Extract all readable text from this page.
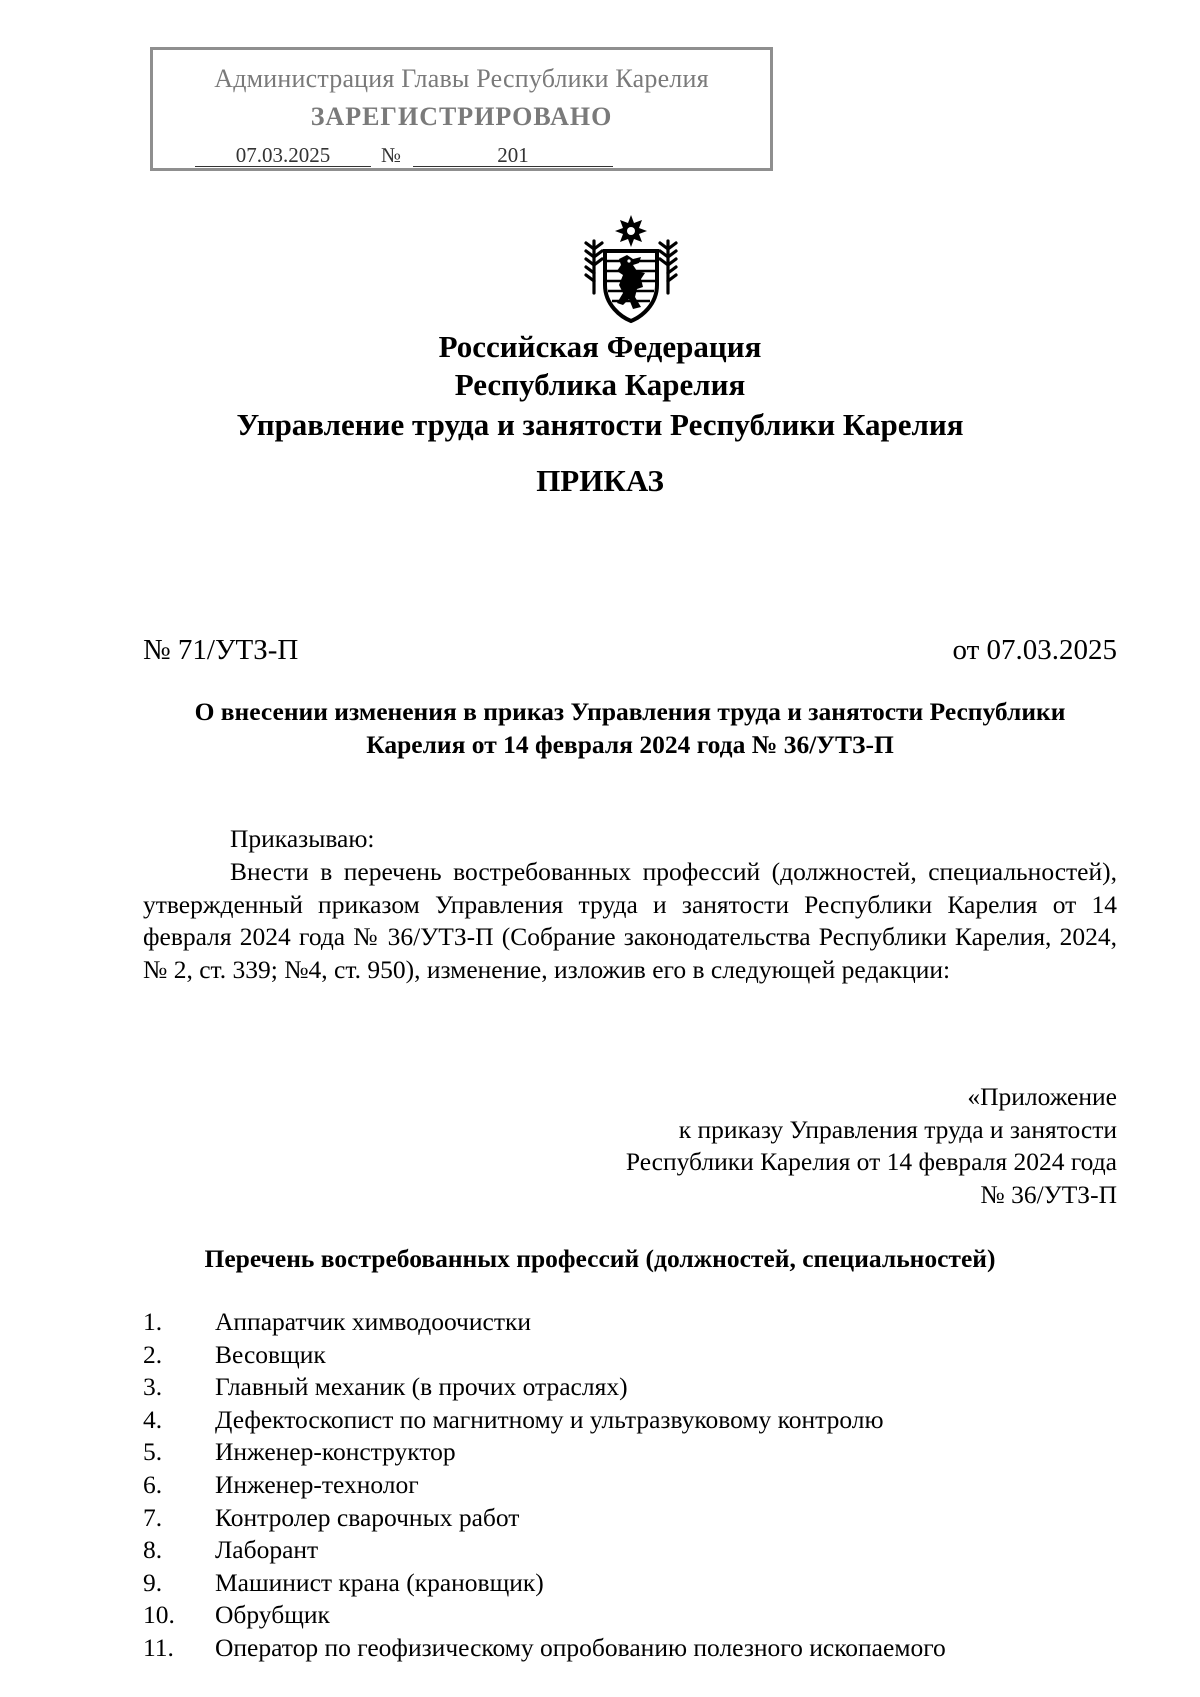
Администрация Главы Республики Карелия
ЗАРЕГИСТРИРОВАНО
07.03.2025	№	201
Российская Федерация
Республика Карелия
Управление труда и занятости Республики Карелия
ПРИКАЗ
№ 71/УТЗ-П	от 07.03.2025
О внесении изменения в приказ Управления труда и занятости Республики
Карелия от 14 февраля 2024 года № 36/УТЗ-П
Приказываю:
Внести в перечень востребованных профессий (должностей, специальностей), утвержденный приказом Управления труда и занятости Республики Карелия от 14 февраля 2024 года № 36/УТЗ-П (Собрание законодательства Республики Карелия, 2024, № 2, ст. 339; №4, ст. 950), изменение, изложив его в следующей редакции:
«Приложение
к приказу Управления труда и занятости
Республики Карелия от 14 февраля 2024 года
№ 36/УТЗ-П
Перечень востребованных профессий (должностей, специальностей)
1.	Аппаратчик химводоочистки
2.	Весовщик
3.	Главный механик (в прочих отраслях)
4.	Дефектоскопист по магнитному и ультразвуковому контролю
5.	Инженер-конструктор
6.	Инженер-технолог
7.	Контролер сварочных работ
8.	Лаборант
9.	Машинист крана (крановщик)
10.	Обрубщик
11.	Оператор по геофизическому опробованию полезного ископаемого
